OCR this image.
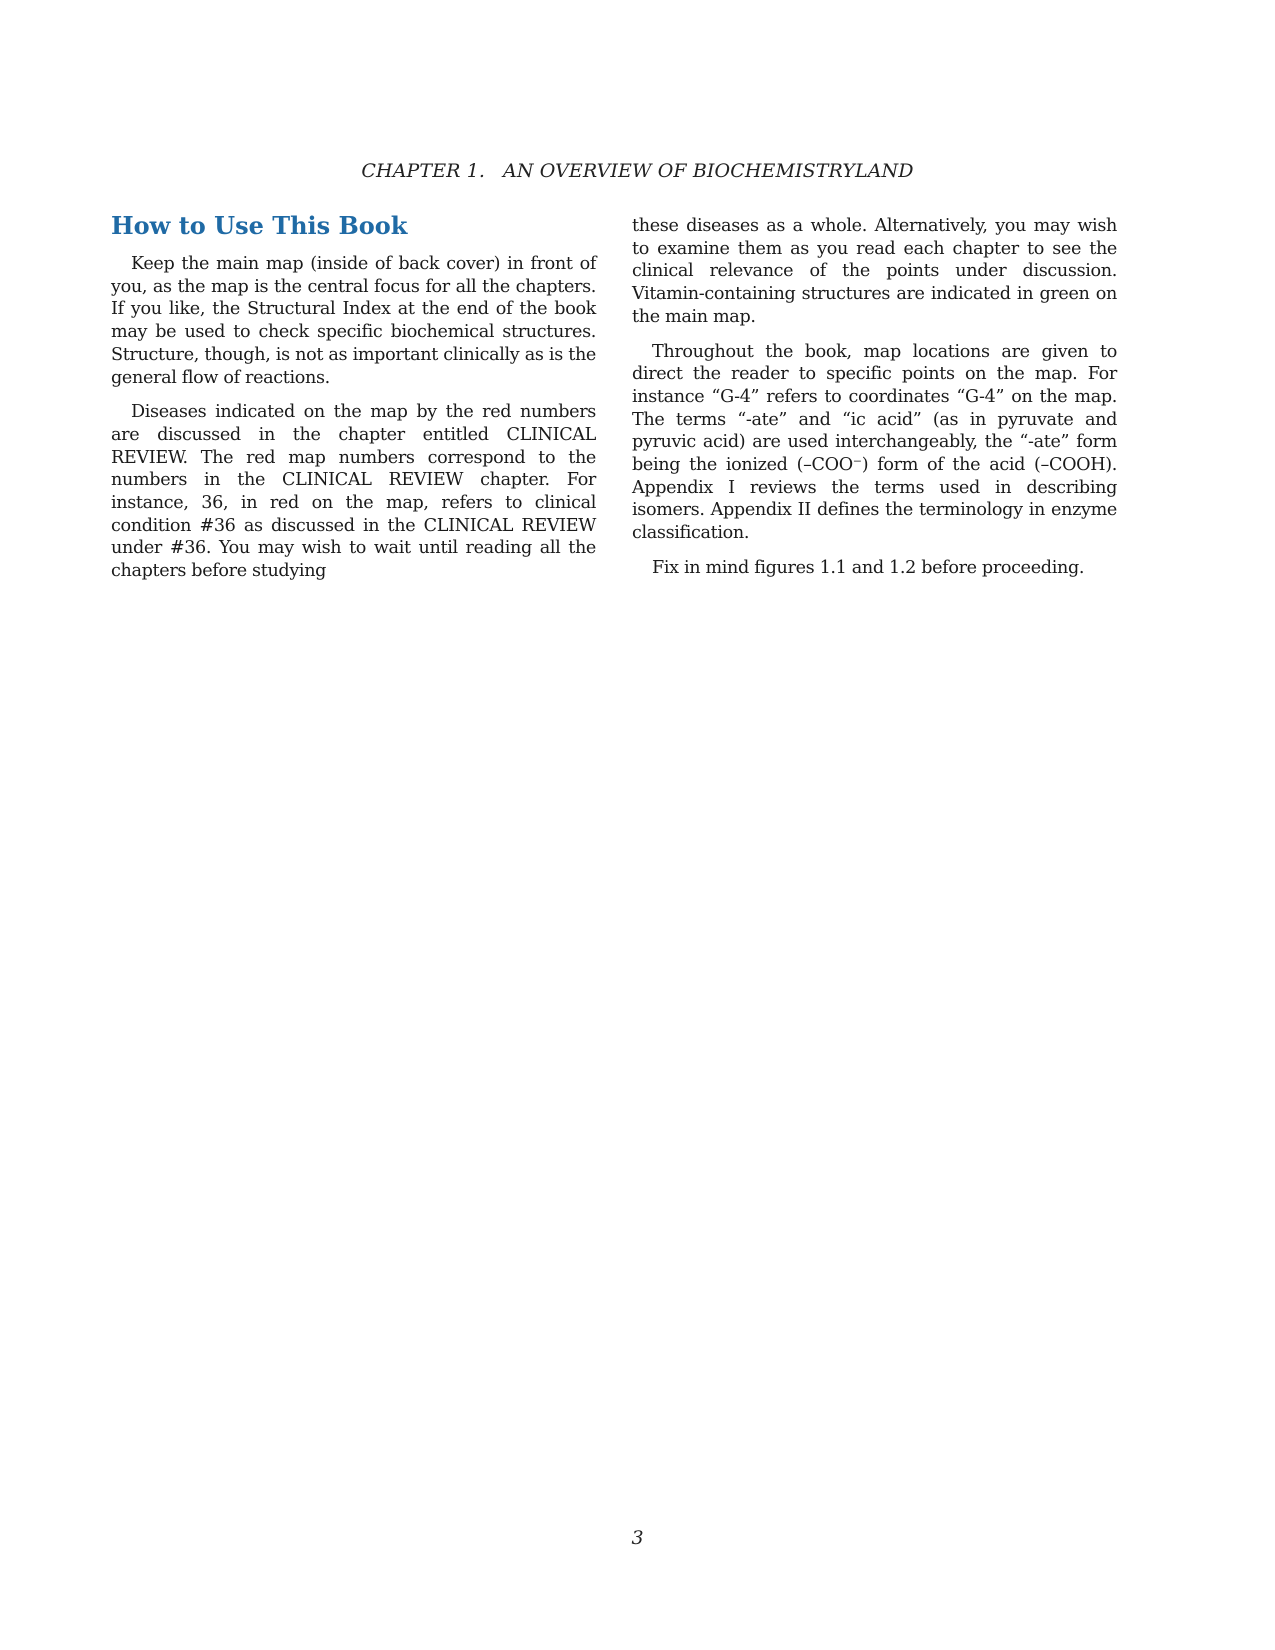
CHAPTER 1. AN OVERVIEW OF BIOCHEMISTRYLAND
How to Use This Book

Keep the main map (inside of back cover) in front of you, as the map is the central focus for all the chapters. If you like, the Structural Index at the end of the book may be used to check specific biochemical structures. Structure, though, is not as important clinically as is the general flow of reactions.

Diseases indicated on the map by the red numbers are discussed in the chapter entitled CLINICAL REVIEW. The red map numbers correspond to the numbers in the CLINICAL REVIEW chapter. For instance, 36, in red on the map, refers to clinical condition #36 as discussed in the CLINICAL REVIEW under #36. You may wish to wait until reading all the chapters before studying

these diseases as a whole. Alternatively, you may wish to examine them as you read each chapter to see the clinical relevance of the points under discussion. Vitamin-containing structures are indicated in green on the main map.

Throughout the book, map locations are given to direct the reader to specific points on the map. For instance “G-4” refers to coordinates “G-4” on the map. The terms “-ate” and “ic acid” (as in pyruvate and pyruvic acid) are used interchangeably, the “-ate” form being the ionized (–COO⁻) form of the acid (–COOH). Appendix I reviews the terms used in describing isomers. Appendix II defines the terminology in enzyme classification.

Fix in mind figures 1.1 and 1.2 before proceeding.

3
